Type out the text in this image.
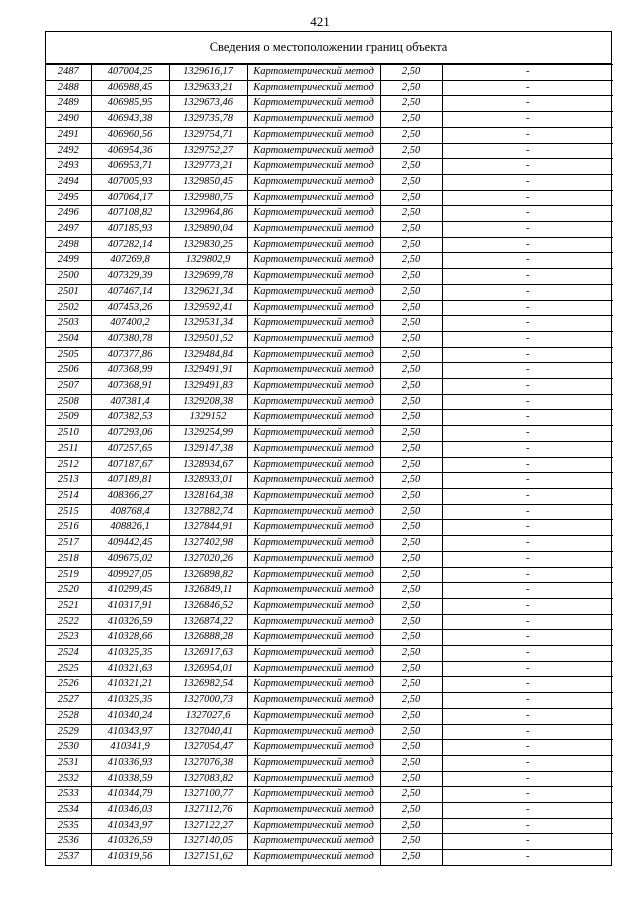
421
Сведения о местоположении границ объекта
2487	407004,25	1329616,17	Картометрический метод	2,50	-
2488	406988,45	1329633,21	Картометрический метод	2,50	-
2489	406985,95	1329673,46	Картометрический метод	2,50	-
2490	406943,38	1329735,78	Картометрический метод	2,50	-
2491	406960,56	1329754,71	Картометрический метод	2,50	-
2492	406954,36	1329752,27	Картометрический метод	2,50	-
2493	406953,71	1329773,21	Картометрический метод	2,50	-
2494	407005,93	1329850,45	Картометрический метод	2,50	-
2495	407064,17	1329980,75	Картометрический метод	2,50	-
2496	407108,82	1329964,86	Картометрический метод	2,50	-
2497	407185,93	1329890,04	Картометрический метод	2,50	-
2498	407282,14	1329830,25	Картометрический метод	2,50	-
2499	407269,8	1329802,9	Картометрический метод	2,50	-
2500	407329,39	1329699,78	Картометрический метод	2,50	-
2501	407467,14	1329621,34	Картометрический метод	2,50	-
2502	407453,26	1329592,41	Картометрический метод	2,50	-
2503	407400,2	1329531,34	Картометрический метод	2,50	-
2504	407380,78	1329501,52	Картометрический метод	2,50	-
2505	407377,86	1329484,84	Картометрический метод	2,50	-
2506	407368,99	1329491,91	Картометрический метод	2,50	-
2507	407368,91	1329491,83	Картометрический метод	2,50	-
2508	407381,4	1329208,38	Картометрический метод	2,50	-
2509	407382,53	1329152	Картометрический метод	2,50	-
2510	407293,06	1329254,99	Картометрический метод	2,50	-
2511	407257,65	1329147,38	Картометрический метод	2,50	-
2512	407187,67	1328934,67	Картометрический метод	2,50	-
2513	407189,81	1328933,01	Картометрический метод	2,50	-
2514	408366,27	1328164,38	Картометрический метод	2,50	-
2515	408768,4	1327882,74	Картометрический метод	2,50	-
2516	408826,1	1327844,91	Картометрический метод	2,50	-
2517	409442,45	1327402,98	Картометрический метод	2,50	-
2518	409675,02	1327020,26	Картометрический метод	2,50	-
2519	409927,05	1326898,82	Картометрический метод	2,50	-
2520	410299,45	1326849,11	Картометрический метод	2,50	-
2521	410317,91	1326846,52	Картометрический метод	2,50	-
2522	410326,59	1326874,22	Картометрический метод	2,50	-
2523	410328,66	1326888,28	Картометрический метод	2,50	-
2524	410325,35	1326917,63	Картометрический метод	2,50	-
2525	410321,63	1326954,01	Картометрический метод	2,50	-
2526	410321,21	1326982,54	Картометрический метод	2,50	-
2527	410325,35	1327000,73	Картометрический метод	2,50	-
2528	410340,24	1327027,6	Картометрический метод	2,50	-
2529	410343,97	1327040,41	Картометрический метод	2,50	-
2530	410341,9	1327054,47	Картометрический метод	2,50	-
2531	410336,93	1327076,38	Картометрический метод	2,50	-
2532	410338,59	1327083,82	Картометрический метод	2,50	-
2533	410344,79	1327100,77	Картометрический метод	2,50	-
2534	410346,03	1327112,76	Картометрический метод	2,50	-
2535	410343,97	1327122,27	Картометрический метод	2,50	-
2536	410326,59	1327140,05	Картометрический метод	2,50	-
2537	410319,56	1327151,62	Картометрический метод	2,50	-
